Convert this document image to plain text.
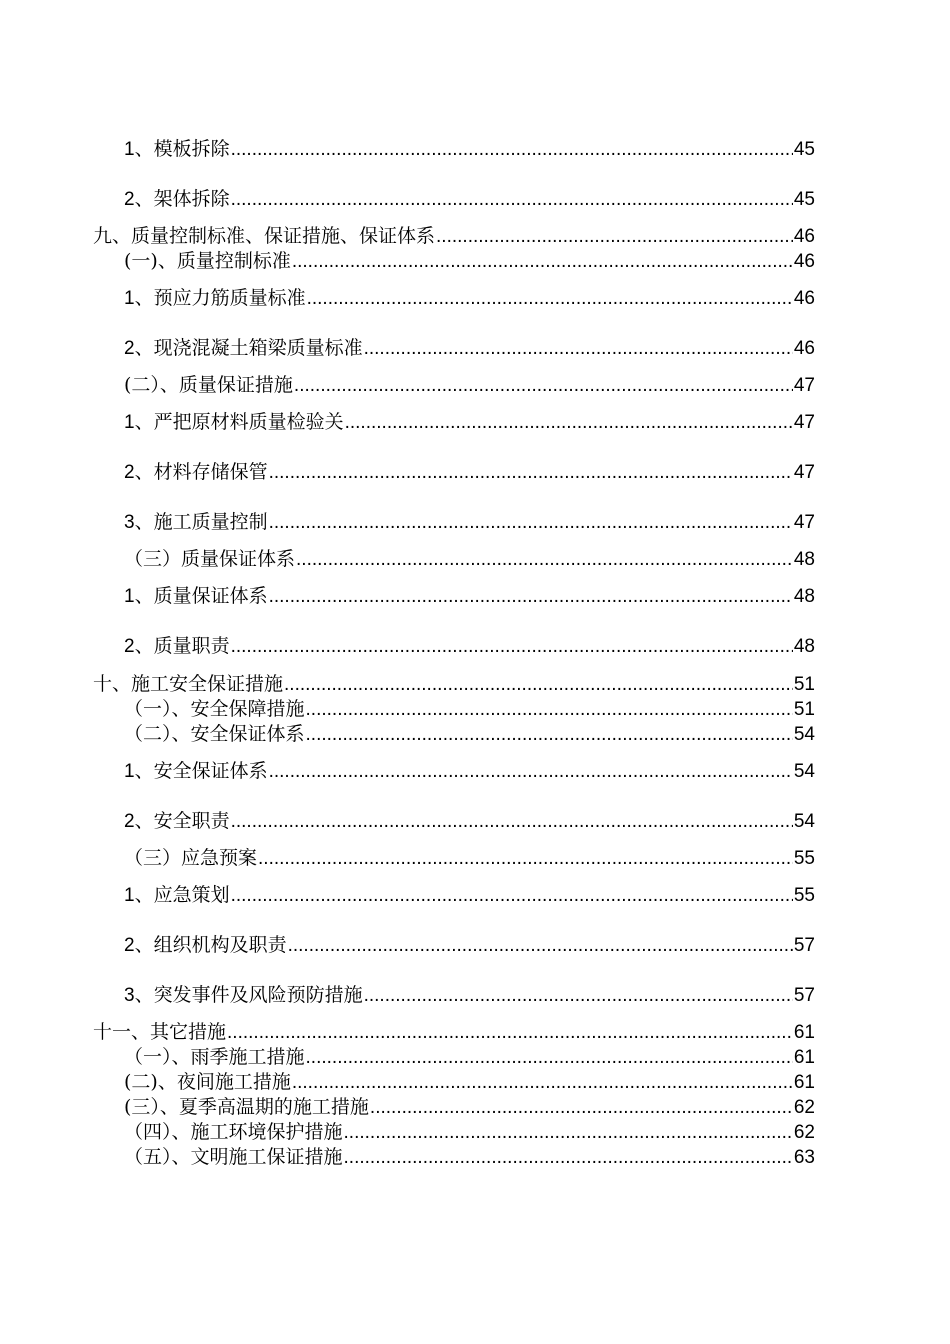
1、 模板拆除 .....	45
2、 架体拆除 .....	45
九、质量控制标准、保证措施、保证体系 .....	46
(一)、质量控制标准 .....	46
1、 预应力筋质量标准 .....	46
2、 现浇混凝土箱梁质量标准 .....	46
(二）、质量保证措施 .....	47
1、 严把原材料质量检验关 .....	47
2、 材料存储保管 .....	47
3、 施工质量控制 .....	47
（三）质量保证体系 .....	48
1、 质量保证体系 .....	48
2、 质量职责 .....	48
十、施工安全保证措施 .....	51
（一）、安全保障措施 .....	51
（二）、安全保证体系 .....	54
1、 安全保证体系 .....	54
2、 安全职责 .....	54
（三）应急预案 .....	55
1、 应急策划 .....	55
2、 组织机构及职责 .....	57
3、 突发事件及风险预防措施 .....	57
十一、其它措施 .....	61
（一）、雨季施工措施 .....	61
(二)、夜间施工措施 .....	61
(三）、夏季高温期的施工措施 .....	62
（四）、施工环境保护措施 .....	62
（五）、文明施工保证措施 .....	63
